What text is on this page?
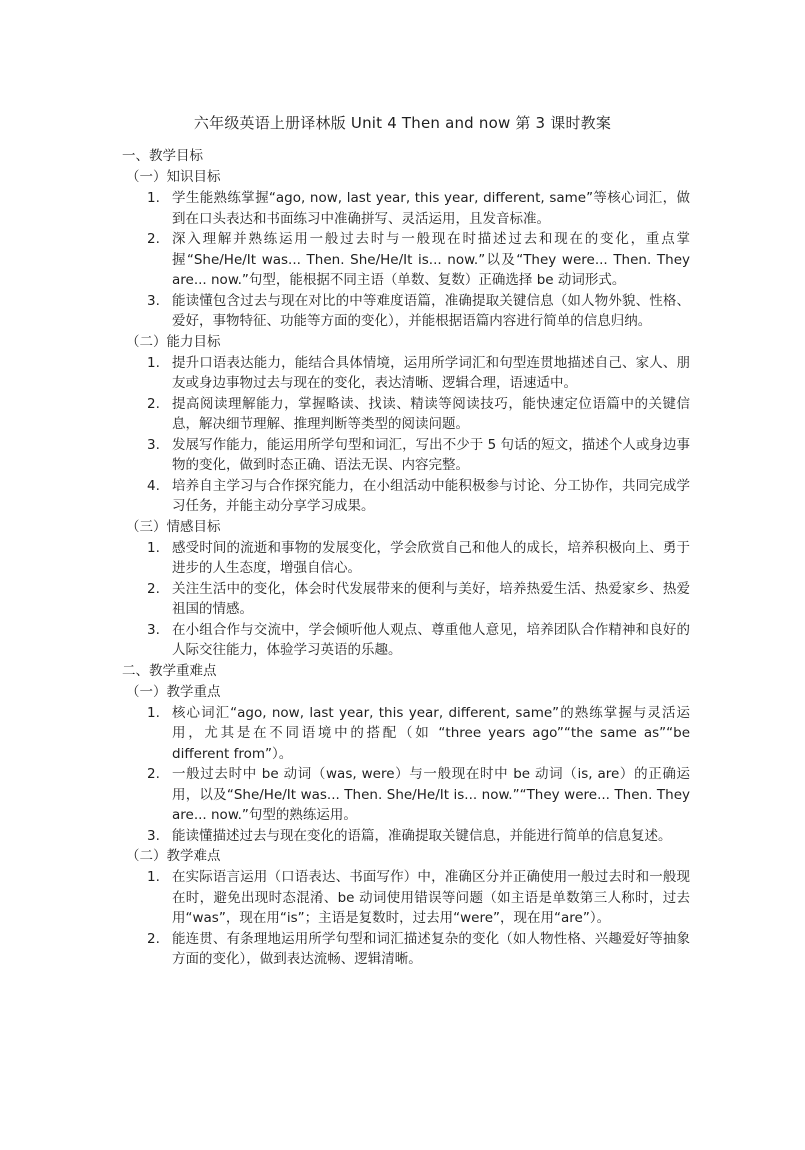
六年级英语上册译林版 Unit 4 Then and now 第 3 课时教案
一、教学目标
（一）知识目标
1. 学生能熟练掌握“ago, now, last year, this year, different, same”等核心词汇，做到在口头表达和书面练习中准确拼写、灵活运用，且发音标准。
2. 深入理解并熟练运用一般过去时与一般现在时描述过去和现在的变化，重点掌握“She/He/It was... Then. She/He/It is... now.”以及“They were... Then. They are... now.”句型，能根据不同主语（单数、复数）正确选择 be 动词形式。
3. 能读懂包含过去与现在对比的中等难度语篇，准确提取关键信息（如人物外貌、性格、爱好，事物特征、功能等方面的变化），并能根据语篇内容进行简单的信息归纳。
（二）能力目标
1. 提升口语表达能力，能结合具体情境，运用所学词汇和句型连贯地描述自己、家人、朋友或身边事物过去与现在的变化，表达清晰、逻辑合理，语速适中。
2. 提高阅读理解能力，掌握略读、找读、精读等阅读技巧，能快速定位语篇中的关键信息，解决细节理解、推理判断等类型的阅读问题。
3. 发展写作能力，能运用所学句型和词汇，写出不少于 5 句话的短文，描述个人或身边事物的变化，做到时态正确、语法无误、内容完整。
4. 培养自主学习与合作探究能力，在小组活动中能积极参与讨论、分工协作，共同完成学习任务，并能主动分享学习成果。
（三）情感目标
1. 感受时间的流逝和事物的发展变化，学会欣赏自己和他人的成长，培养积极向上、勇于进步的人生态度，增强自信心。
2. 关注生活中的变化，体会时代发展带来的便利与美好，培养热爱生活、热爱家乡、热爱祖国的情感。
3. 在小组合作与交流中，学会倾听他人观点、尊重他人意见，培养团队合作精神和良好的人际交往能力，体验学习英语的乐趣。
二、教学重难点
（一）教学重点
1. 核心词汇“ago, now, last year, this year, different, same”的熟练掌握与灵活运用，尤其是在不同语境中的搭配（如 “three years ago”“the same as”“be different from”）。
2. 一般过去时中 be 动词（was, were）与一般现在时中 be 动词（is, are）的正确运用，以及“She/He/It was... Then. She/He/It is... now.”“They were... Then. They are... now.”句型的熟练运用。
3. 能读懂描述过去与现在变化的语篇，准确提取关键信息，并能进行简单的信息复述。
（二）教学难点
1. 在实际语言运用（口语表达、书面写作）中，准确区分并正确使用一般过去时和一般现在时，避免出现时态混淆、be 动词使用错误等问题（如主语是单数第三人称时，过去用“was”，现在用“is”；主语是复数时，过去用“were”，现在用“are”）。
2. 能连贯、有条理地运用所学句型和词汇描述复杂的变化（如人物性格、兴趣爱好等抽象方面的变化），做到表达流畅、逻辑清晰。
